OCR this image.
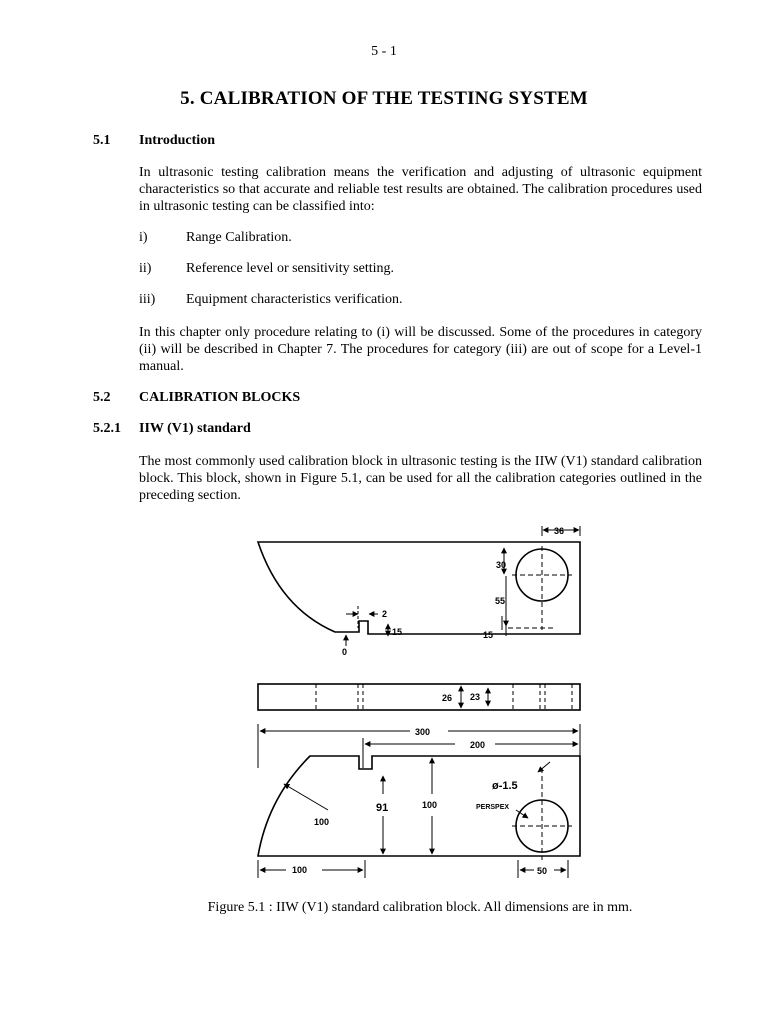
5 - 1
5. CALIBRATION OF THE TESTING SYSTEM
5.1 Introduction
In ultrasonic testing calibration means the verification and adjusting of ultrasonic equipment characteristics so that accurate and reliable test results are obtained. The calibration procedures used in ultrasonic testing can be classified into:
i)	Range Calibration.
ii) Reference level or sensitivity setting.
iii) Equipment characteristics verification.
In this chapter only procedure relating to (i) will be discussed. Some of the procedures in category (ii) will be described in Chapter 7. The procedures for category (iii) are out of scope for a Level-1 manual.
5.2 CALIBRATION BLOCKS
5.2.1 IIW (V1) standard
The most commonly used calibration block in ultrasonic testing is the IIW (V1) standard calibration block. This block, shown in Figure 5.1, can be used for all the calibration categories outlined in the preceding section.
36
30
55
15
2
15
0
26 23
300
200
91	100
100
100	50
ø-1.5
PERSPEX
Figure 5.1 : IIW (V1) standard calibration block. All dimensions are in mm.
